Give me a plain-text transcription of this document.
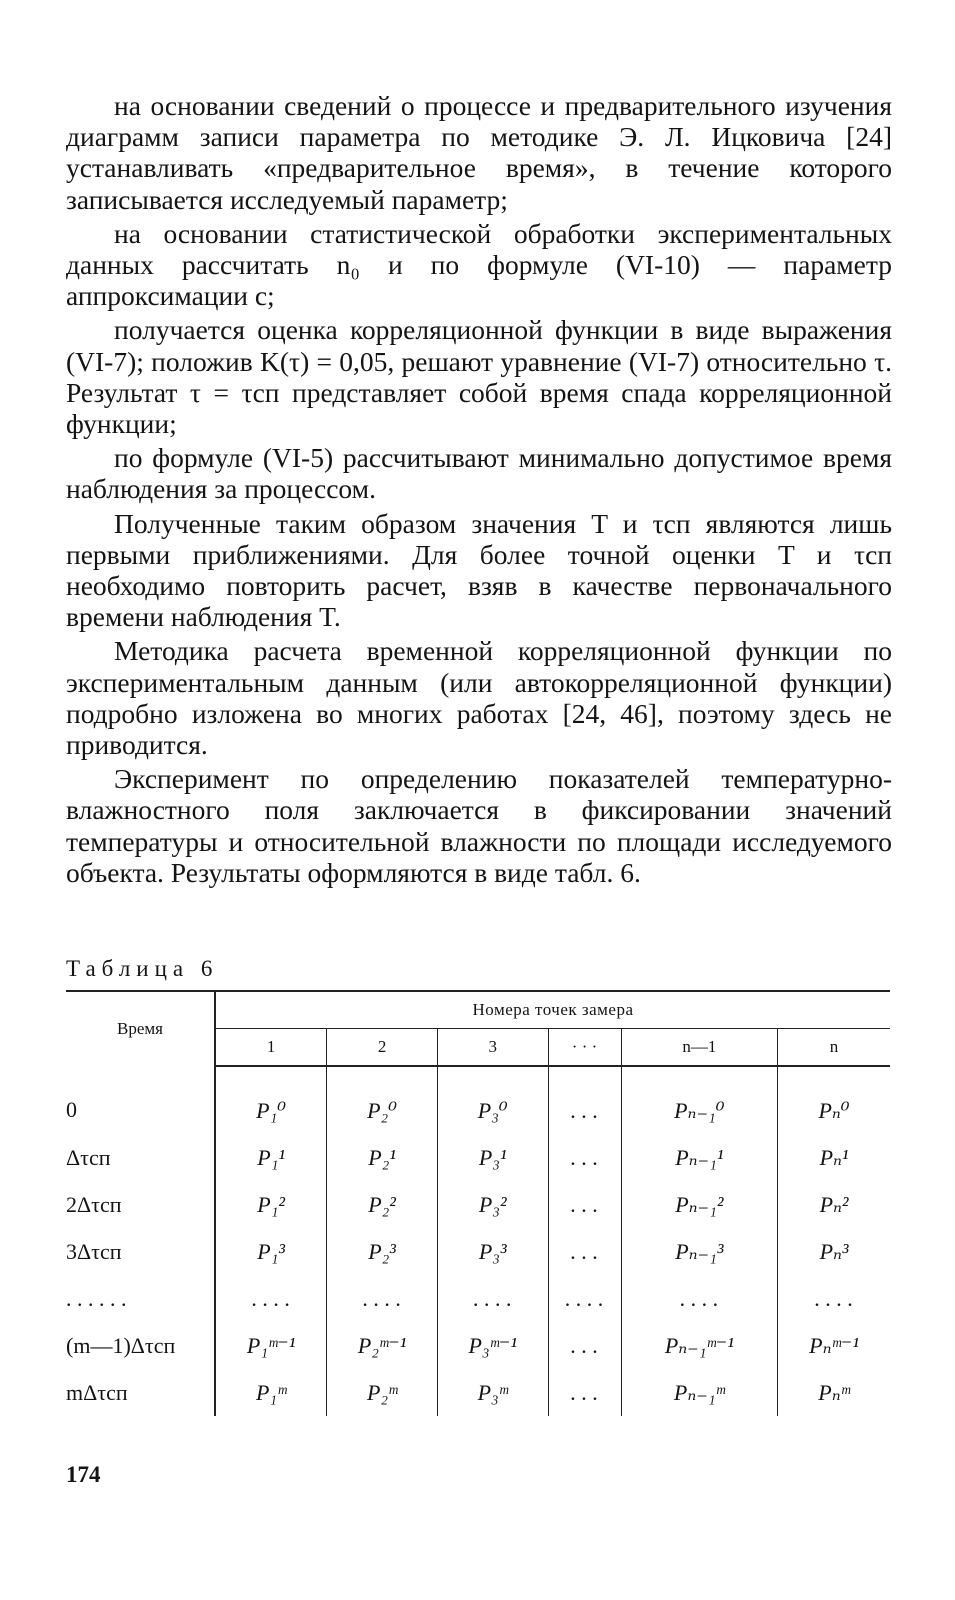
на основании сведений о процессе и предварительного изучения диаграмм записи параметра по методике Э. Л. Ицковича [24] устанавливать «предварительное время», в течение которого записывается исследуемый параметр;

на основании статистической обработки экспериментальных данных рассчитать n₀ и по формуле (VI-10) — параметр аппроксимации c;

получается оценка корреляционной функции в виде выражения (VI-7); положив K(τ) = 0,05, решают уравнение (VI-7) относительно τ. Результат τ = τсп представляет собой время спада корреляционной функции;

по формуле (VI-5) рассчитывают минимально допустимое время наблюдения за процессом.

Полученные таким образом значения T и τсп являются лишь первыми приближениями. Для более точной оценки T и τсп необходимо повторить расчет, взяв в качестве первоначального времени наблюдения T.

Методика расчета временной корреляционной функции по экспериментальным данным (или автокорреляционной функции) подробно изложена во многих работах [24, 46], поэтому здесь не приводится.

Эксперимент по определению показателей температурно-влажностного поля заключается в фиксировании значений температуры и относительной влажности по площади исследуемого объекта. Результаты оформляются в виде табл. 6.

Таблица 6
Время	Номера точек замера					
	1	2	3	· · ·	n—1	n
0	P₁⁰	P₂⁰	P₃⁰	. . .	Pₙ₋₁⁰	Pₙ⁰
Δτсп	P₁¹	P₂¹	P₃¹	. . .	Pₙ₋₁¹	Pₙ¹
2Δτсп	P₁²	P₂²	P₃²	. . .	Pₙ₋₁²	Pₙ²
3Δτсп	P₁³	P₂³	P₃³	. . .	Pₙ₋₁³	Pₙ³
. . . . . .	. . . .	. . . .	. . . .	. . . .	. . . .	. . . .
(m—1)Δτсп	P₁ᵐ⁻¹	P₂ᵐ⁻¹	P₃ᵐ⁻¹	. . .	Pₙ₋₁ᵐ⁻¹	Pₙᵐ⁻¹
mΔτсп	P₁ᵐ	P₂ᵐ	P₃ᵐ	. . .	Pₙ₋₁ᵐ	Pₙᵐ
174
